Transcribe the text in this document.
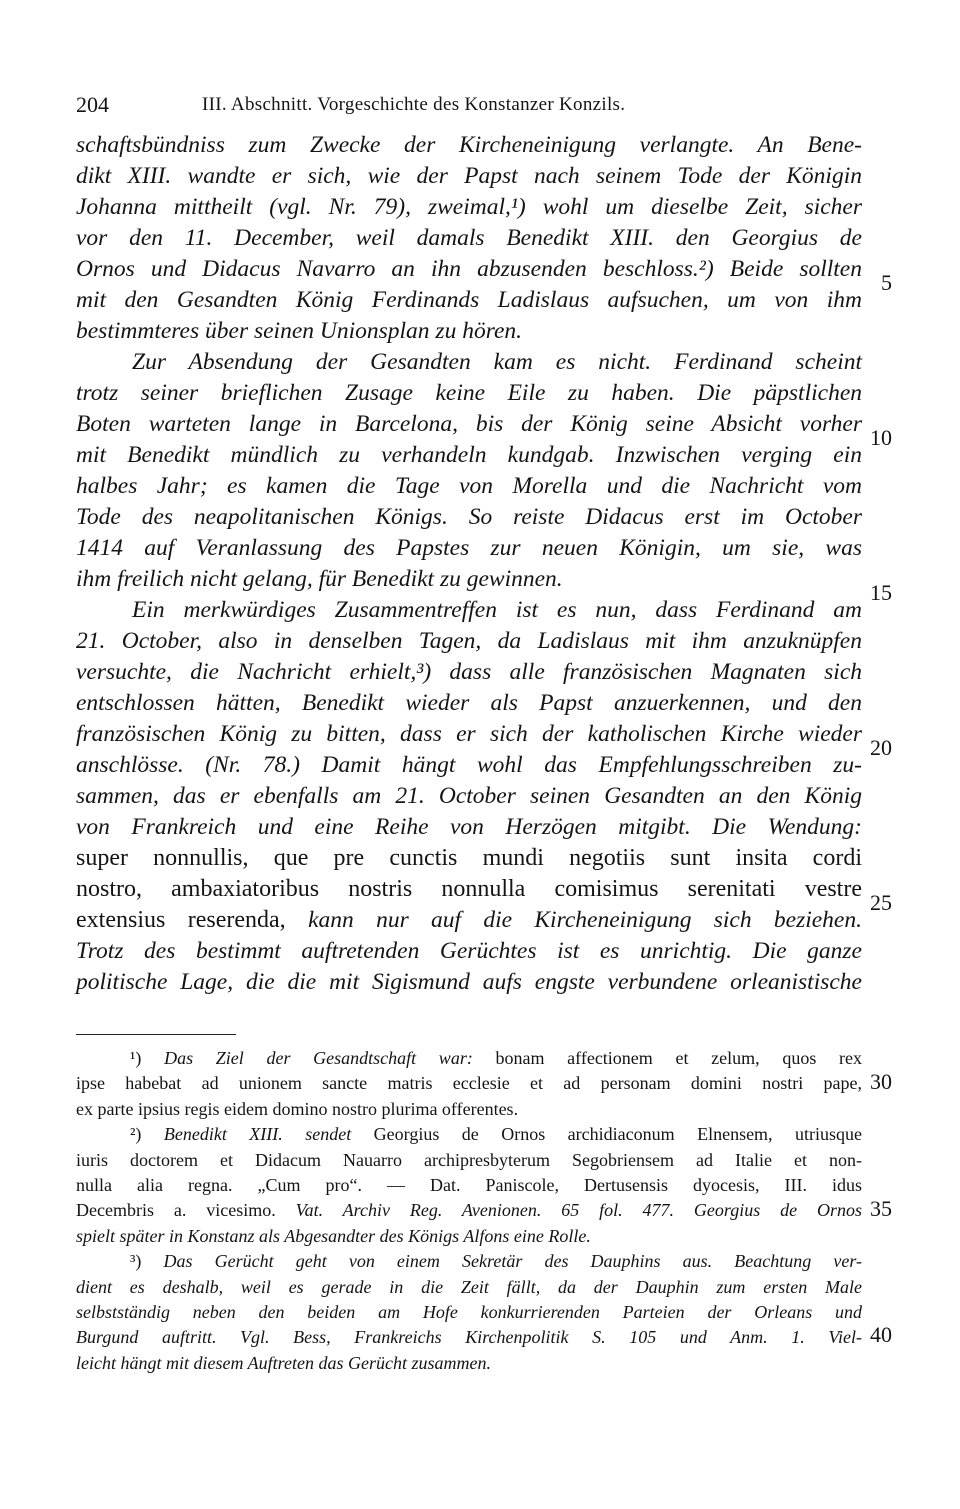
204	III. Abschnitt. Vorgeschichte des Konstanzer Konzils.
schaftsbündniss zum Zwecke der Kircheneinigung verlangte. An Bene-
dikt XIII. wandte er sich, wie der Papst nach seinem Tode der Königin
Johanna mittheilt (vgl. Nr. 79), zweimal,¹) wohl um dieselbe Zeit, sicher
vor den 11. December, weil damals Benedikt XIII. den Georgius de
Ornos und Didacus Navarro an ihn abzusenden beschloss.²) Beide sollten
mit den Gesandten König Ferdinands Ladislaus aufsuchen, um von ihm
bestimmteres über seinen Unionsplan zu hören.
Zur Absendung der Gesandten kam es nicht. Ferdinand scheint
trotz seiner brieflichen Zusage keine Eile zu haben. Die päpstlichen
Boten warteten lange in Barcelona, bis der König seine Absicht vorher
mit Benedikt mündlich zu verhandeln kundgab. Inzwischen verging ein
halbes Jahr; es kamen die Tage von Morella und die Nachricht vom
Tode des neapolitanischen Königs. So reiste Didacus erst im October
1414 auf Veranlassung des Papstes zur neuen Königin, um sie, was
ihm freilich nicht gelang, für Benedikt zu gewinnen.
Ein merkwürdiges Zusammentreffen ist es nun, dass Ferdinand am
21. October, also in denselben Tagen, da Ladislaus mit ihm anzuknüpfen
versuchte, die Nachricht erhielt,³) dass alle französischen Magnaten sich
entschlossen hätten, Benedikt wieder als Papst anzuerkennen, und den
französischen König zu bitten, dass er sich der katholischen Kirche wieder
anschlösse. (Nr. 78.) Damit hängt wohl das Empfehlungsschreiben zu-
sammen, das er ebenfalls am 21. October seinen Gesandten an den König
von Frankreich und eine Reihe von Herzögen mitgibt. Die Wendung:
super nonnullis, que pre cunctis mundi negotiis sunt insita cordi
nostro, ambaxiatoribus nostris nonnulla comisimus serenitati vestre
extensius reserenda, kann nur auf die Kircheneinigung sich beziehen.
Trotz des bestimmt auftretenden Gerüchtes ist es unrichtig. Die ganze
politische Lage, die die mit Sigismund aufs engste verbundene orleanistische
¹) Das Ziel der Gesandtschaft war: bonam affectionem et zelum, quos rex
ipse habebat ad unionem sancte matris ecclesie et ad personam domini nostri pape,
ex parte ipsius regis eidem domino nostro plurima offerentes.
²) Benedikt XIII. sendet Georgius de Ornos archidiaconum Elnensem, utriusque
iuris doctorem et Didacum Nauarro archipresbyterum Segobriensem ad Italie et non-
nulla alia regna. „Cum pro“. — Dat. Paniscole, Dertusensis dyocesis, III. idus
Decembris a. vicesimo. Vat. Archiv Reg. Avenionen. 65 fol. 477. Georgius de Ornos
spielt später in Konstanz als Abgesandter des Königs Alfons eine Rolle.
³) Das Gerücht geht von einem Sekretär des Dauphins aus. Beachtung ver-
dient es deshalb, weil es gerade in die Zeit fällt, da der Dauphin zum ersten Male
selbstständig neben den beiden am Hofe konkurrierenden Parteien der Orleans und
Burgund auftritt. Vgl. Bess, Frankreichs Kirchenpolitik S. 105 und Anm. 1. Viel-
leicht hängt mit diesem Auftreten das Gerücht zusammen.
5
10
15
20
25
30
35
40
